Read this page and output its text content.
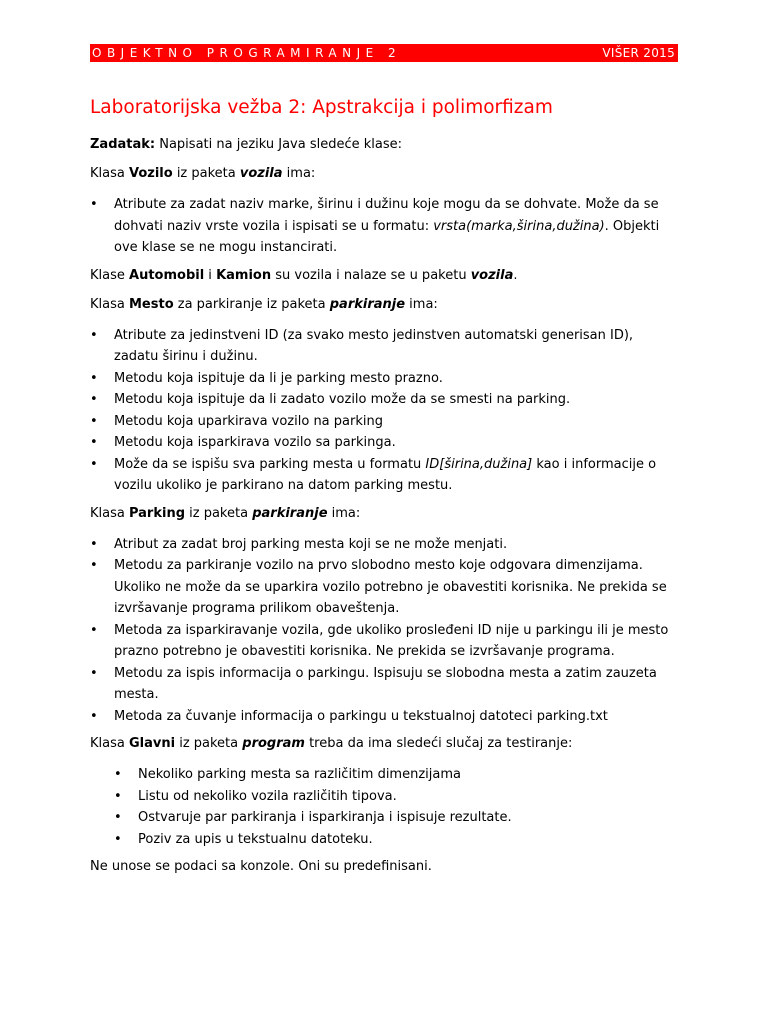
OBJEKTNO PROGRAMIRANJE 2	VIŠER 2015
Laboratorijska vežba 2: Apstrakcija i polimorfizam

Zadatak: Napisati na jeziku Java sledeće klase:

Klasa Vozilo iz paketa vozila ima:

• Atribute za zadat naziv marke, širinu i dužinu koje mogu da se dohvate. Može da se dohvati naziv vrste vozila i ispisati se u formatu: vrsta(marka,širina,dužina). Objekti ove klase se ne mogu instancirati.

Klase Automobil i Kamion su vozila i nalaze se u paketu vozila.

Klasa Mesto za parkiranje iz paketa parkiranje ima:

• Atribute za jedinstveni ID (za svako mesto jedinstven automatski generisan ID), zadatu širinu i dužinu.
• Metodu koja ispituje da li je parking mesto prazno.
• Metodu koja ispituje da li zadato vozilo može da se smesti na parking.
• Metodu koja uparkirava vozilo na parking
• Metodu koja isparkirava vozilo sa parkinga.
• Može da se ispišu sva parking mesta u formatu ID[širina,dužina] kao i informacije o vozilu ukoliko je parkirano na datom parking mestu.

Klasa Parking iz paketa parkiranje ima:

• Atribut za zadat broj parking mesta koji se ne može menjati.
• Metodu za parkiranje vozilo na prvo slobodno mesto koje odgovara dimenzijama. Ukoliko ne može da se uparkira vozilo potrebno je obavestiti korisnika. Ne prekida se izvršavanje programa prilikom obaveštenja.
• Metoda za isparkiravanje vozila, gde ukoliko prosleđeni ID nije u parkingu ili je mesto prazno potrebno je obavestiti korisnika. Ne prekida se izvršavanje programa.
• Metodu za ispis informacija o parkingu. Ispisuju se slobodna mesta a zatim zauzeta mesta.
• Metoda za čuvanje informacija o parkingu u tekstualnoj datoteci parking.txt

Klasa Glavni iz paketa program treba da ima sledeći slučaj za testiranje:

• Nekoliko parking mesta sa različitim dimenzijama
• Listu od nekoliko vozila različitih tipova.
• Ostvaruje par parkiranja i isparkiranja i ispisuje rezultate.
• Poziv za upis u tekstualnu datoteku.

Ne unose se podaci sa konzole. Oni su predefinisani.
